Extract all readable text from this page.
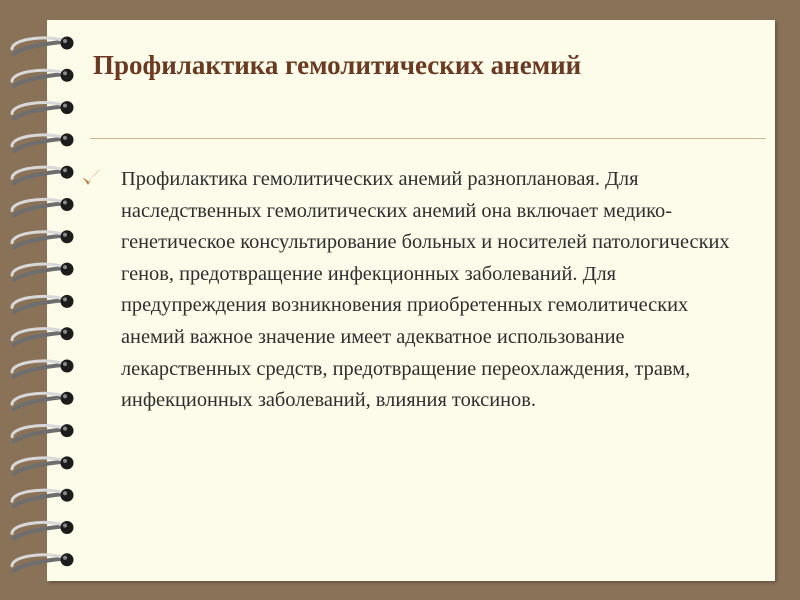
Профилактика гемолитических анемий

Профилактика гемолитических анемий разноплановая. Для наследственных гемолитических анемий она включает медико-генетическое консультирование больных и носителей патологических генов, предотвращение инфекционных заболеваний. Для предупреждения возникновения приобретенных гемолитических анемий важное значение имеет адекватное использование лекарственных средств, предотвращение переохлаждения, травм, инфекционных заболеваний, влияния токсинов.
